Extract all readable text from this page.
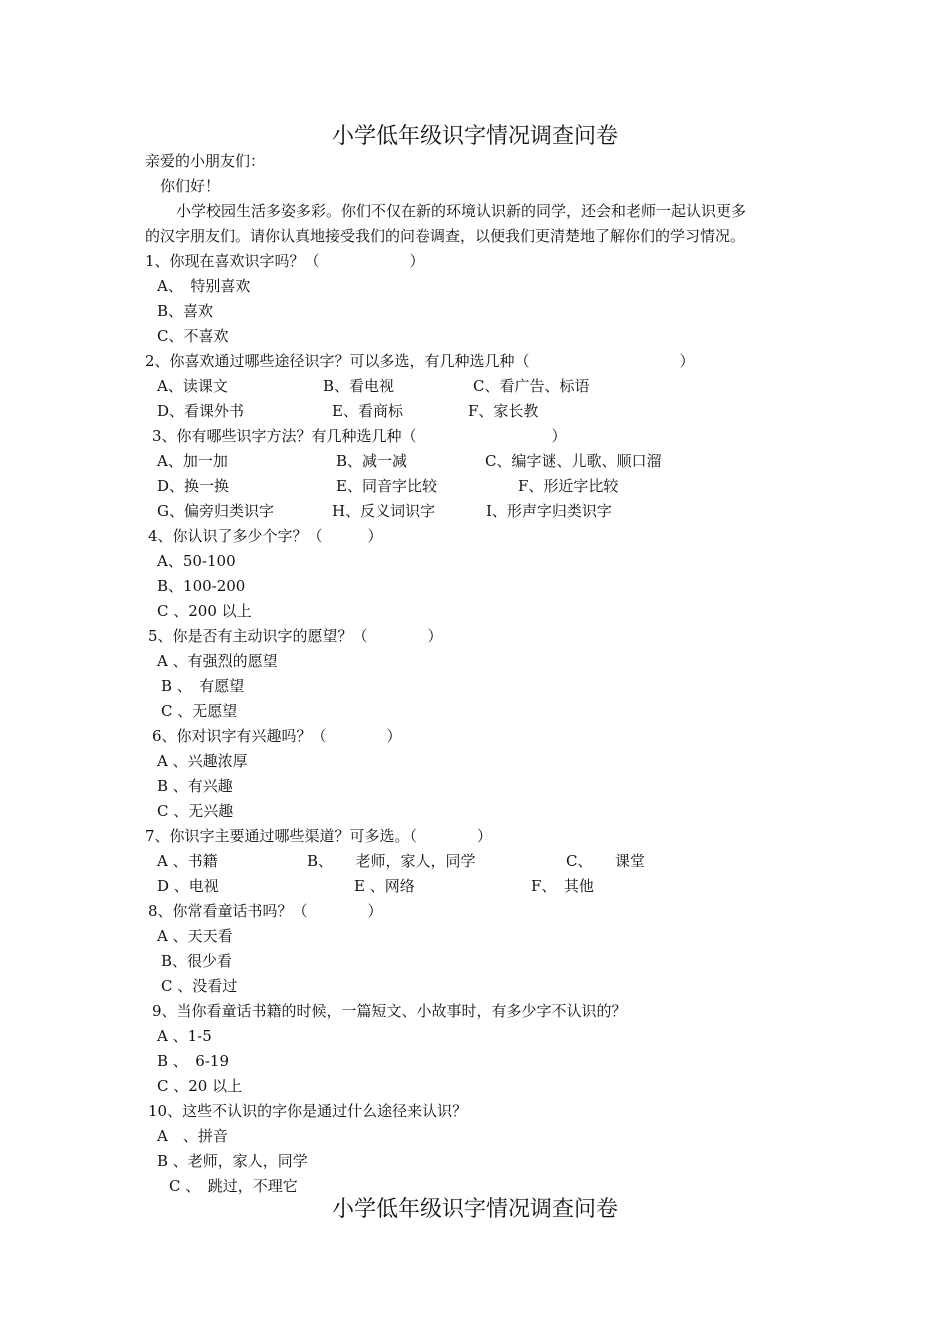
小学低年级识字情况调查问卷
亲爱的小朋友们：
你们好！
小学校园生活多姿多彩。你们不仅在新的环境认识新的同学，还会和老师一起认识更多
的汉字朋友们。请你认真地接受我们的问卷调查，以便我们更清楚地了解你们的学习情况。
1、你现在喜欢识字吗？（　　　　　　）
A、　特别喜欢
B、喜欢
C、不喜欢
2、你喜欢通过哪些途径识字？可以多选，有几种选几种（　　　　　　　　　　）
A、读课文	B、看电视	C、看广告、标语
D、看课外书	E、看商标	F、家长教
3、你有哪些识字方法？有几种选几种（　　　　　　　　　）
A、加一加	B、减一减	C、编字谜、儿歌、顺口溜
D、换一换	E、同音字比较	F、形近字比较
G、偏旁归类识字	H、反义词识字	I、形声字归类识字
4、你认识了多少个字？（　　　）
A、50-100
B、100-200
C 、200 以上
5、你是否有主动识字的愿望？（　　　　）
A 、有强烈的愿望
B 、　有愿望
C 、无愿望
6、你对识字有兴趣吗？（　　　　）
A 、兴趣浓厚
B 、有兴趣
C 、无兴趣
7、你识字主要通过哪些渠道？可多选。（　　　　）
A 、书籍	B、　　老师，家人，同学	C、　　课堂
D 、电视	E 、网络	F、　其他
8、你常看童话书吗？（　　　　）
A 、天天看
B、很少看
C 、没看过
9、当你看童话书籍的时候，一篇短文、小故事时，有多少字不认识的？
A 、1-5
B 、　6-19
C 、20 以上
10、这些不认识的字你是通过什么途径来认识？
A　、拼音
B 、老师，家人，同学
C 、　跳过，不理它
小学低年级识字情况调查问卷
